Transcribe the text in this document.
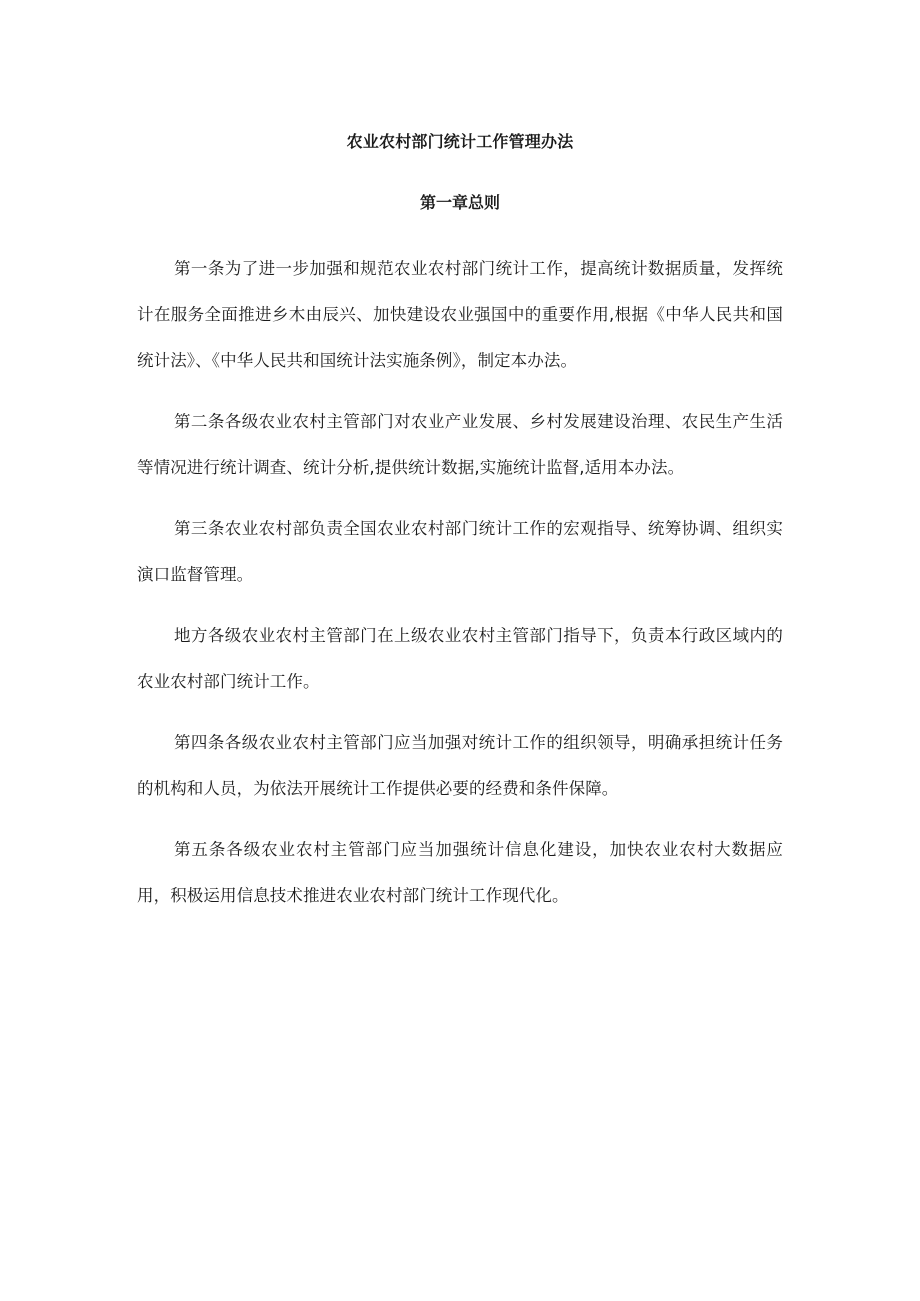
农业农村部门统计工作管理办法
第一章总则

第一条为了进一步加强和规范农业农村部门统计工作，提高统计数据质量，发挥统计在服务全面推进乡木由辰兴、加快建设农业强国中的重要作用,根据《中华人民共和国统计法》、《中华人民共和国统计法实施条例》，制定本办法。

第二条各级农业农村主管部门对农业产业发展、乡村发展建设治理、农民生产生活等情况进行统计调查、统计分析,提供统计数据,实施统计监督,适用本办法。

第三条农业农村部负责全国农业农村部门统计工作的宏观指导、统筹协调、组织实演口监督管理。

地方各级农业农村主管部门在上级农业农村主管部门指导下，负责本行政区域内的农业农村部门统计工作。

第四条各级农业农村主管部门应当加强对统计工作的组织领导，明确承担统计任务的机构和人员，为依法开展统计工作提供必要的经费和条件保障。

第五条各级农业农村主管部门应当加强统计信息化建设，加快农业农村大数据应用，积极运用信息技术推进农业农村部门统计工作现代化。
